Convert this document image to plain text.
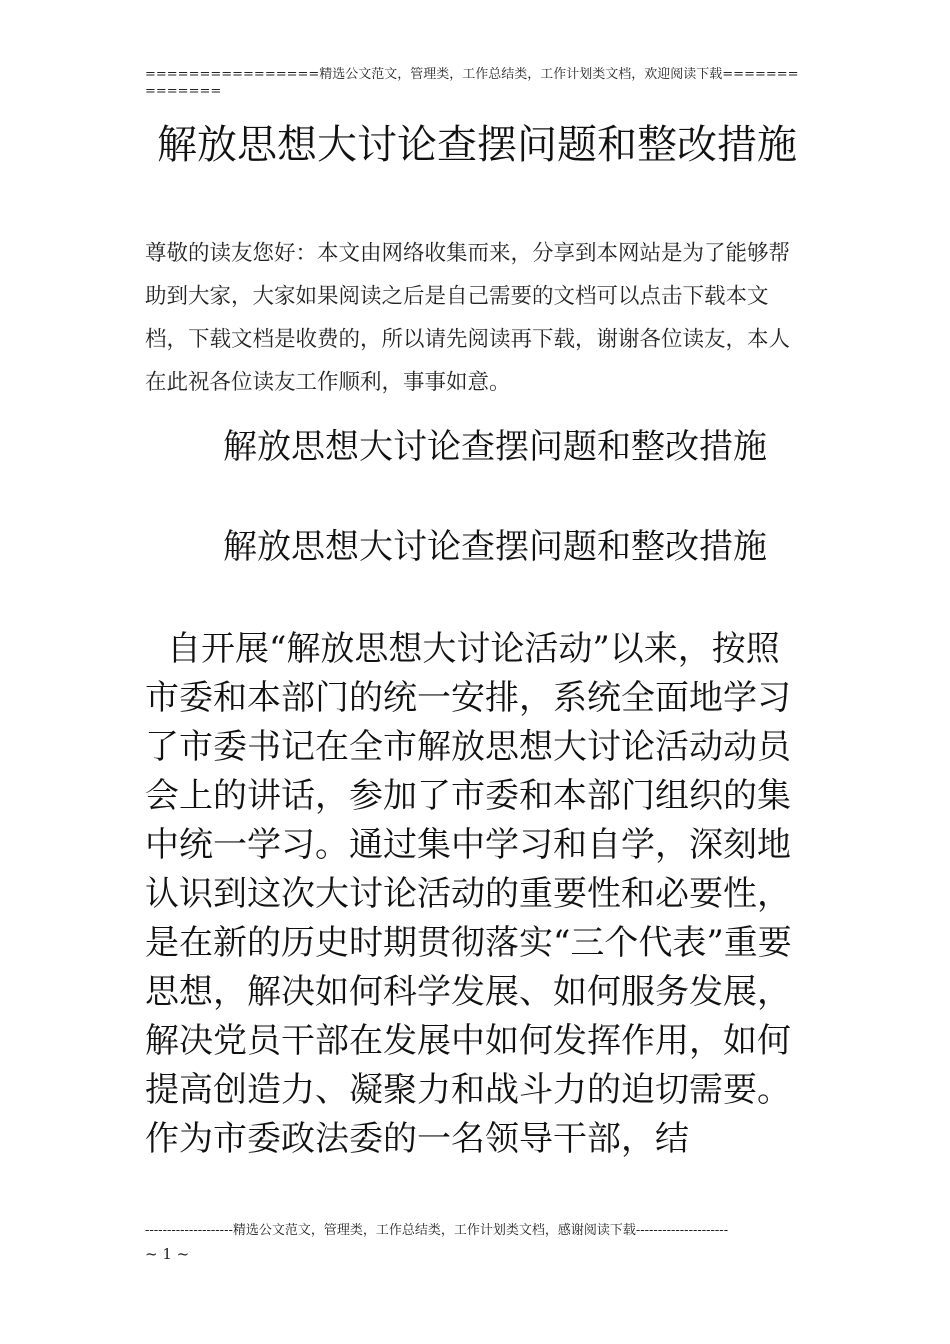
================精选公文范文，管理类，工作总结类，工作计划类文档，欢迎阅读下载==============
解放思想大讨论查摆问题和整改措施

尊敬的读友您好：本文由网络收集而来，分享到本网站是为了能够帮助到大家，大家如果阅读之后是自己需要的文档可以点击下载本文档，下载文档是收费的，所以请先阅读再下载，谢谢各位读友，本人在此祝各位读友工作顺利，事事如意。

解放思想大讨论查摆问题和整改措施

解放思想大讨论查摆问题和整改措施

自开展“解放思想大讨论活动”以来，按照市委和本部门的统一安排，系统全面地学习了市委书记在全市解放思想大讨论活动动员会上的讲话，参加了市委和本部门组织的集中统一学习。通过集中学习和自学，深刻地认识到这次大讨论活动的重要性和必要性，是在新的历史时期贯彻落实“三个代表”重要思想，解决如何科学发展、如何服务发展，解决党员干部在发展中如何发挥作用，如何提高创造力、凝聚力和战斗力的迫切需要。作为市委政法委的一名领导干部，结

--------------------精选公文范文，管理类，工作总结类，工作计划类文档，感谢阅读下载---------------------
~ 1 ~
